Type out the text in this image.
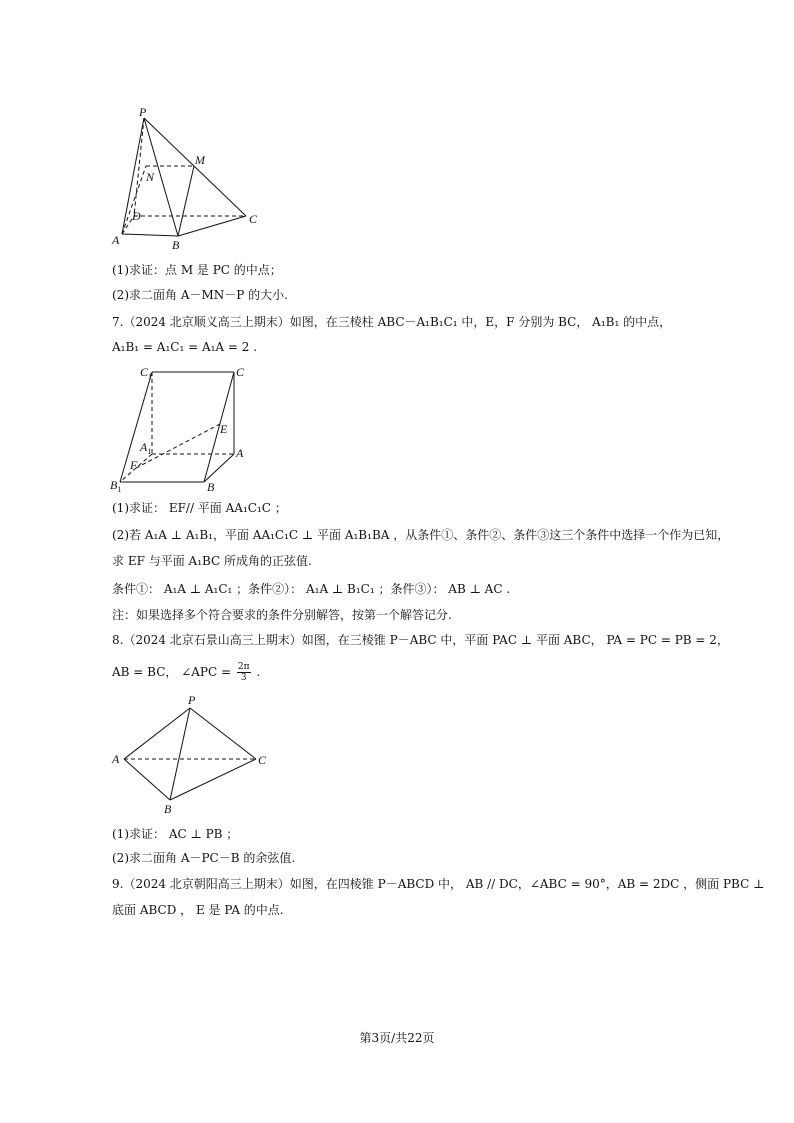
P
M
N
D
A	B
C
(1)求证：点 M 是 PC 的中点；
(2)求二面角 A－MN－P 的大小.
7.（2024 北京顺义高三上期末）如图，在三棱柱 ABC－A₁B₁C₁ 中，E，F 分别为 BC， A₁B₁ 的中点，
A₁B₁ = A₁C₁ = A₁A = 2 .
$C_1$	C
E
$A_1$	A
F
$B_1$	B
(1)求证： EF// 平面 AA₁C₁C ；
(2)若 A₁A ⊥ A₁B₁，平面 AA₁C₁C ⊥ 平面 A₁B₁BA ，从条件①、条件②、条件③这三个条件中选择一个作为已知，
求 EF 与平面 A₁BC 所成角的正弦值.
条件①： A₁A ⊥ A₁C₁ ；条件②）： A₁A ⊥ B₁C₁ ；条件③）： AB ⊥ AC .
注：如果选择多个符合要求的条件分别解答，按第一个解答记分.
8.（2024 北京石景山高三上期末）如图，在三棱锥 P－ABC 中，平面 PAC ⊥ 平面 ABC， PA = PC = PB = 2，
AB = BC， ∠APC = $\frac{2\pi}{3}$ .
P
A	C
B
(1)求证： AC ⊥ PB ；
(2)求二面角 A－PC－B 的余弦值.
9.（2024 北京朝阳高三上期末）如图，在四棱锥 P－ABCD 中， AB // DC，∠ABC = 90°，AB = 2DC ，侧面 PBC ⊥
底面 ABCD ， E 是 PA 的中点.
第3页/共22页
